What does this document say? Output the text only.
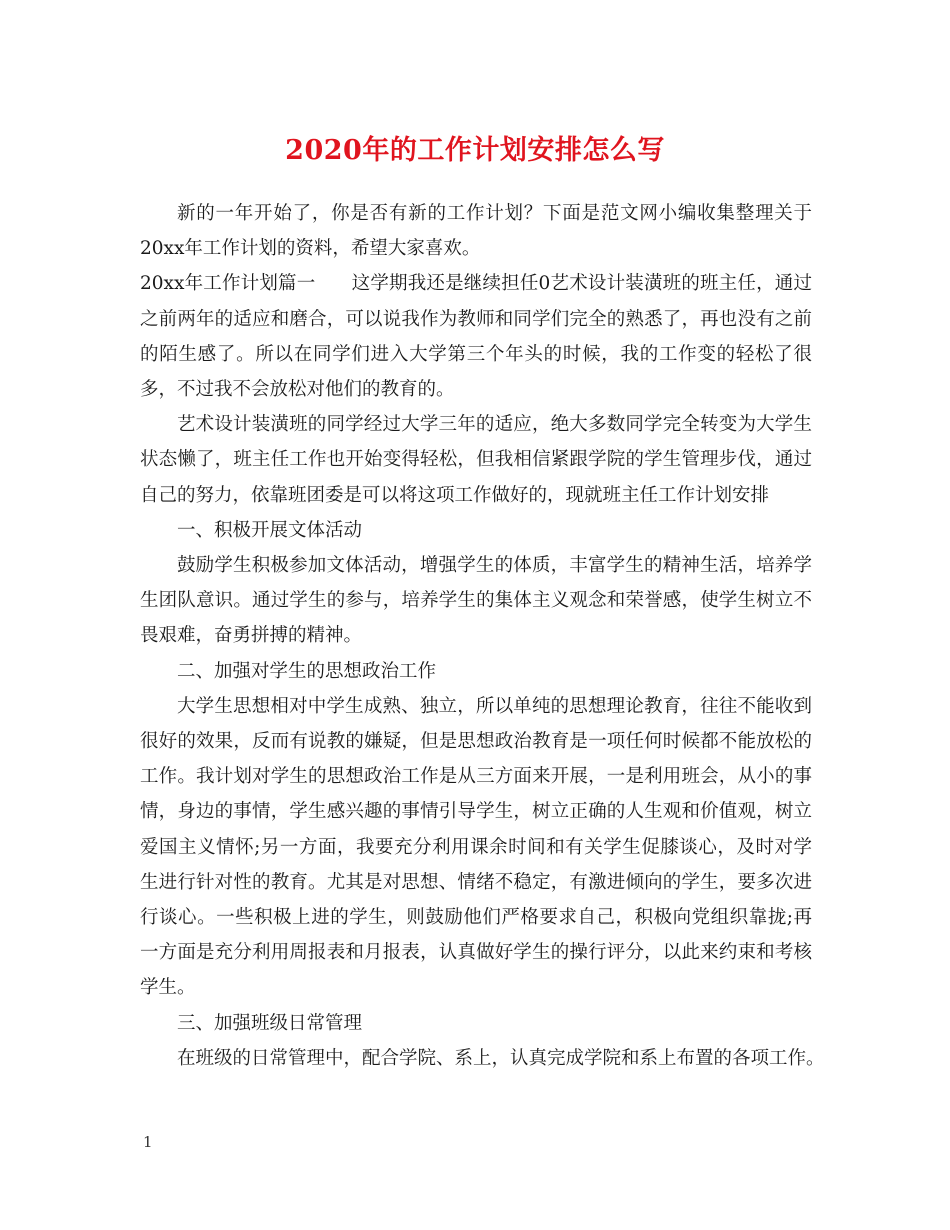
2020年的工作计划安排怎么写

新的一年开始了，你是否有新的工作计划？下面是范文网小编收集整理关于20xx年工作计划的资料，希望大家喜欢。

20xx年工作计划篇一 这学期我还是继续担任0艺术设计装潢班的班主任，通过之前两年的适应和磨合，可以说我作为教师和同学们完全的熟悉了，再也没有之前的陌生感了。所以在同学们进入大学第三个年头的时候，我的工作变的轻松了很多，不过我不会放松对他们的教育的。

艺术设计装潢班的同学经过大学三年的适应，绝大多数同学完全转变为大学生状态懒了，班主任工作也开始变得轻松，但我相信紧跟学院的学生管理步伐，通过自己的努力，依靠班团委是可以将这项工作做好的，现就班主任工作计划安排

一、积极开展文体活动

鼓励学生积极参加文体活动，增强学生的体质，丰富学生的精神生活，培养学生团队意识。通过学生的参与，培养学生的集体主义观念和荣誉感，使学生树立不畏艰难，奋勇拼搏的精神。

二、加强对学生的思想政治工作

大学生思想相对中学生成熟、独立，所以单纯的思想理论教育，往往不能收到很好的效果，反而有说教的嫌疑，但是思想政治教育是一项任何时候都不能放松的工作。我计划对学生的思想政治工作是从三方面来开展，一是利用班会，从小的事情，身边的事情，学生感兴趣的事情引导学生，树立正确的人生观和价值观，树立爱国主义情怀;另一方面，我要充分利用课余时间和有关学生促膝谈心，及时对学生进行针对性的教育。尤其是对思想、情绪不稳定，有激进倾向的学生，要多次进行谈心。一些积极上进的学生，则鼓励他们严格要求自己，积极向党组织靠拢;再一方面是充分利用周报表和月报表，认真做好学生的操行评分，以此来约束和考核学生。

三、加强班级日常管理

在班级的日常管理中，配合学院、系上，认真完成学院和系上布置的各项工作。

1
